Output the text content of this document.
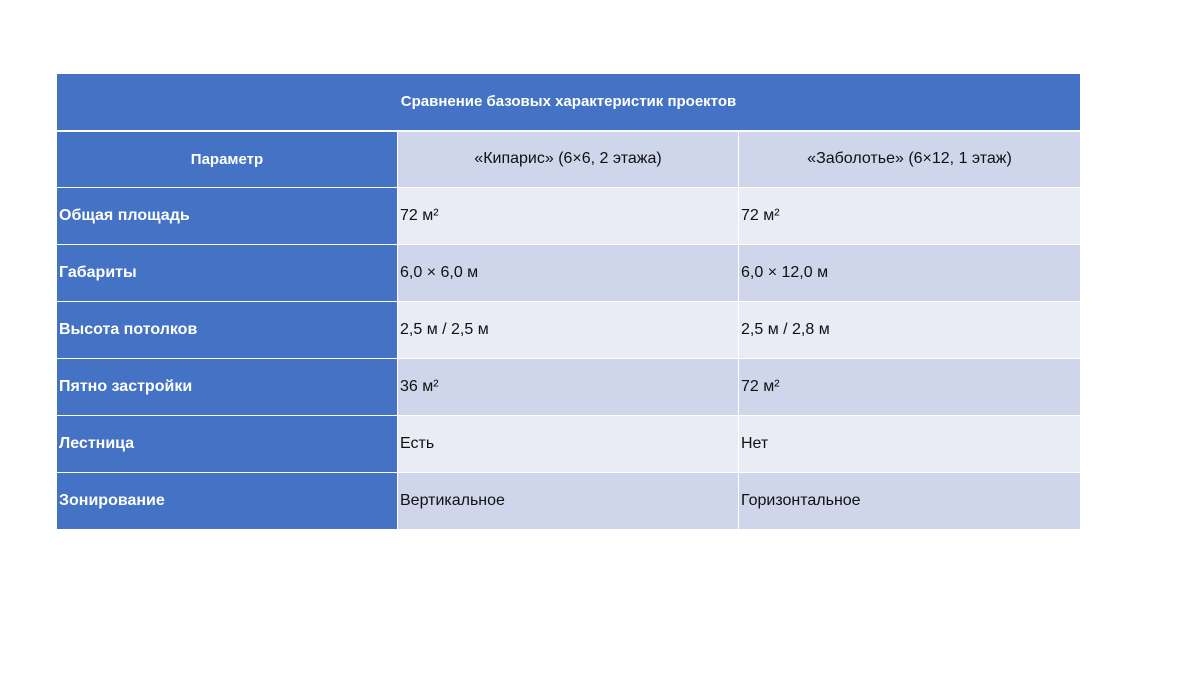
Сравнение базовых характеристик проектов		
Параметр	«Кипарис» (6×6, 2 этажа)	«Заболотье» (6×12, 1 этаж)
Общая площадь	72 м²	72 м²
Габариты	6,0 × 6,0 м	6,0 × 12,0 м
Высота потолков	2,5 м / 2,5 м	2,5 м / 2,8 м
Пятно застройки	36 м²	72 м²
Лестница	Есть	Нет
Зонирование	Вертикальное	Горизонтальное
